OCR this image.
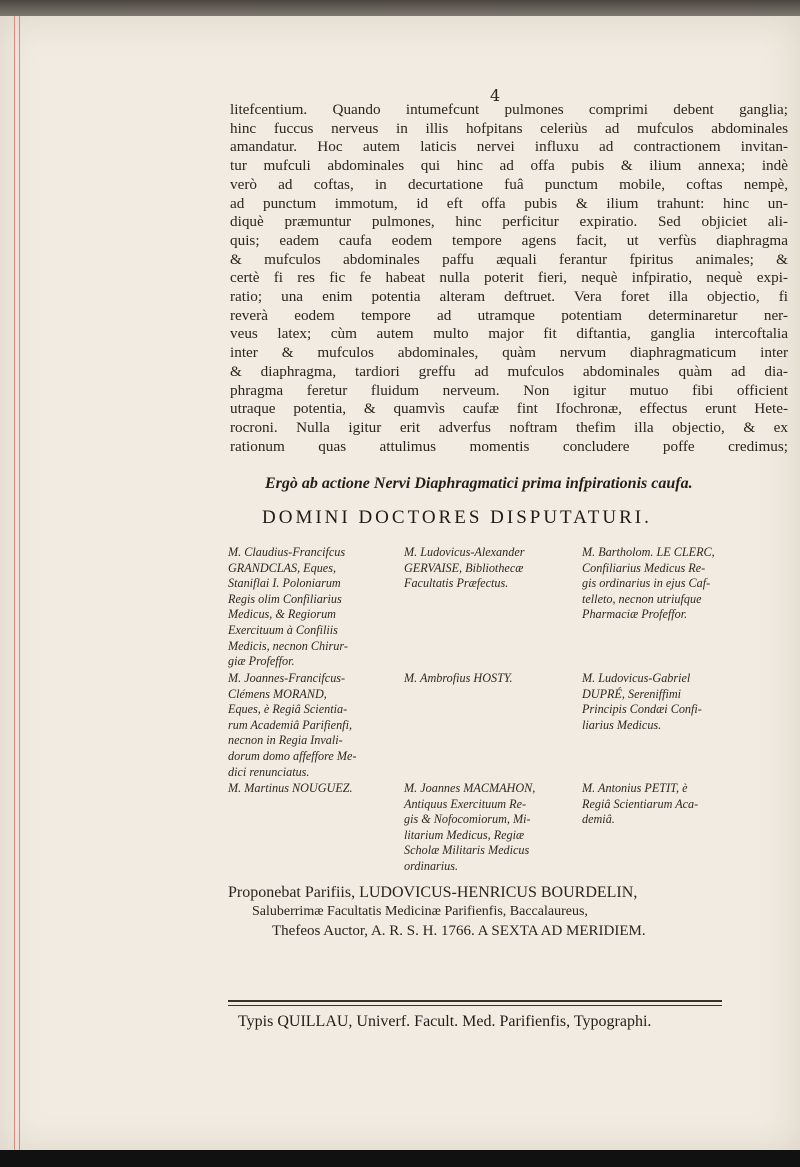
4
litefcentium. Quando intumefcunt pulmones comprimi debent ganglia;
hinc fuccus nerveus in illis hofpitans celeriùs ad mufculos abdominales
amandatur. Hoc autem laticis nervei influxu ad contractionem invitan-
tur mufculi abdominales qui hinc ad offa pubis & ilium annexa; indè
verò ad coftas, in decurtatione fuâ punctum mobile, coftas nempè,
ad punctum immotum, id eft offa pubis & ilium trahunt: hinc un-
diquè præmuntur pulmones, hinc perficitur expiratio. Sed objiciet ali-
quis; eadem caufa eodem tempore agens facit, ut verfùs diaphragma
& mufculos abdominales paffu æquali ferantur fpiritus animales; &
certè fi res fic fe habeat nulla poterit fieri, nequè infpiratio, nequè expi-
ratio; una enim potentia alteram deftruet. Vera foret illa objectio, fi
reverà eodem tempore ad utramque potentiam determinaretur ner-
veus latex; cùm autem multo major fit diftantia, ganglia intercoftalia
inter & mufculos abdominales, quàm nervum diaphragmaticum inter
& diaphragma, tardiori greffu ad mufculos abdominales quàm ad dia-
phragma feretur fluidum nerveum. Non igitur mutuo fibi officient
utraque potentia, & quamvìs caufæ fint Ifochronæ, effectus erunt Hete-
rocroni. Nulla igitur erit adverfus noftram thefim illa objectio, & ex
rationum quas attulimus momentis concludere poffe credimus;
Ergò ab actione Nervi Diaphragmatici prima infpirationis caufa.
DOMINI DOCTORES DISPUTATURI.
M. Claudius-Francifcus
GRANDCLAS, Eques,
Staniflai I. Poloniarum
Regis olim Confiliarius
Medicus, & Regiorum
Exercituum à Confiliis
Medicis, necnon Chirur-
giæ Profeffor.
M. Joannes-Francifcus-
Clémens MORAND,
Eques, è Regiâ Scientia-
rum Academiâ Parifienfi,
necnon in Regia Invali-
dorum domo affeffore Me-
dici renunciatus.
M. Martinus NOUGUEZ.
M. Ludovicus-Alexander
GERVAISE, Bibliothecæ
Facultatis Præfectus.
M. Ambrofius HOSTY.
M. Joannes MACMAHON,
Antiquus Exercituum Re-
gis & Nofocomiorum, Mi-
litarium Medicus, Regiæ
Scholæ Militaris Medicus
ordinarius.
M. Bartholom. LE CLERC,
Confiliarius Medicus Re-
gis ordinarius in ejus Caf-
telleto, necnon utriufque
Pharmaciæ Profeffor.
M. Ludovicus-Gabriel
DUPRÉ, Sereniffimi
Principis Condæi Confi-
liarius Medicus.
M. Antonius PETIT, è
Regiâ Scientiarum Aca-
demiâ.
Proponebat Parifiis, LUDOVICUS-HENRICUS BOURDELIN,
Saluberrimæ Facultatis Medicinæ Parifienfis, Baccalaureus,
Thefeos Auctor, A. R. S. H. 1766. A SEXTA AD MERIDIEM.
Typis QUILLAU, Univerf. Facult. Med. Parifienfis, Typographi.
